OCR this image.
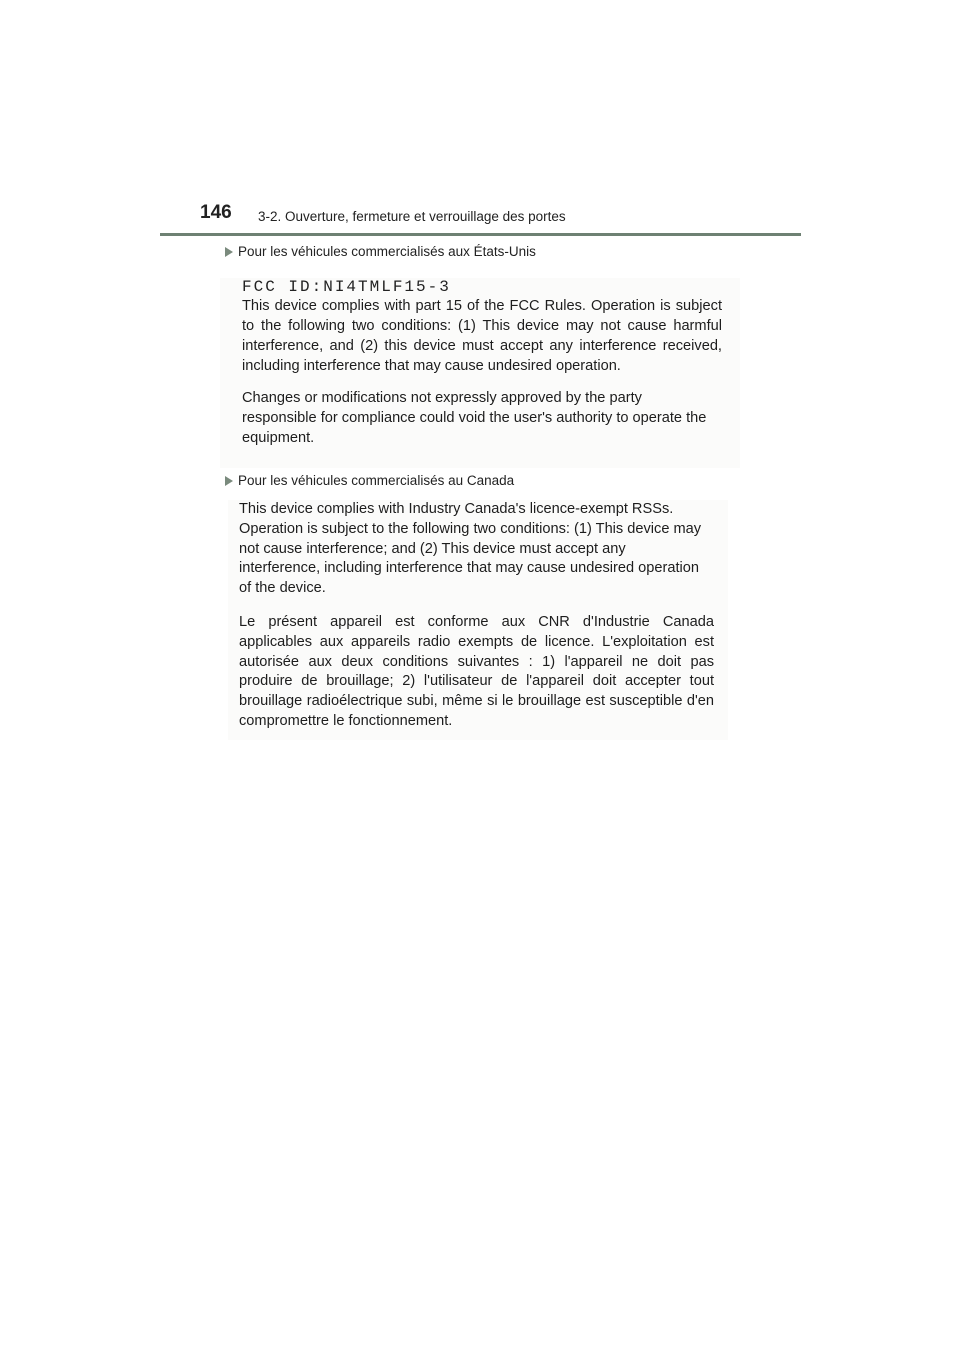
146 3-2. Ouverture, fermeture et verrouillage des portes
Pour les véhicules commercialisés aux États-Unis

FCC ID:NI4TMLF15-3

This device complies with part 15 of the FCC Rules. Operation is subject to the following two conditions: (1) This device may not cause harmful interference, and (2) this device must accept any interference received, including interference that may cause undesired operation.

Changes or modifications not expressly approved by the party responsible for compliance could void the user's authority to operate the equipment.

Pour les véhicules commercialisés au Canada

This device complies with Industry Canada's licence-exempt RSSs. Operation is subject to the following two conditions: (1) This device may not cause interference; and (2) This device must accept any interference, including interference that may cause undesired operation of the device.

Le présent appareil est conforme aux CNR d'Industrie Canada applicables aux appareils radio exempts de licence. L'exploitation est autorisée aux deux conditions suivantes : 1) l'appareil ne doit pas produire de brouillage; 2) l'utilisateur de l'appareil doit accepter tout brouillage radioélectrique subi, même si le brouillage est susceptible d'en compromettre le fonctionnement.
